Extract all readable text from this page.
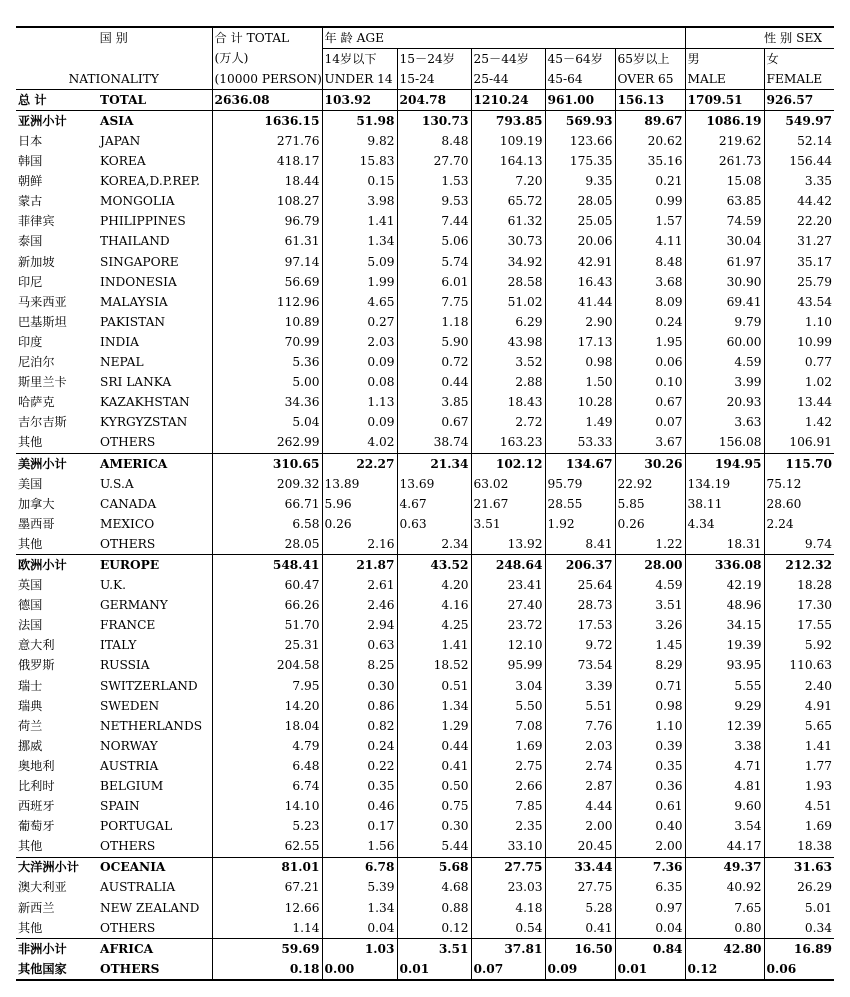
国 别		合 计 TOTAL	年 龄 AGE					性 别 SEX	
		(万人)	14岁以下	15－24岁	25－44岁	45－64岁	65岁以上	男	女
NATIONALITY		(10000 PERSON)	UNDER 14	15-24	25-44	45-64	OVER 65	MALE	FEMALE
总 计	TOTAL	2636.08	103.92	204.78	1210.24	961.00	156.13	1709.51	926.57
亚洲小计	ASIA	1636.15	51.98	130.73	793.85	569.93	89.67	1086.19	549.97
日本	JAPAN	271.76	9.82	8.48	109.19	123.66	20.62	219.62	52.14
韩国	KOREA	418.17	15.83	27.70	164.13	175.35	35.16	261.73	156.44
朝鲜	KOREA,D.P.REP.	18.44	0.15	1.53	7.20	9.35	0.21	15.08	3.35
蒙古	MONGOLIA	108.27	3.98	9.53	65.72	28.05	0.99	63.85	44.42
菲律宾	PHILIPPINES	96.79	1.41	7.44	61.32	25.05	1.57	74.59	22.20
泰国	THAILAND	61.31	1.34	5.06	30.73	20.06	4.11	30.04	31.27
新加坡	SINGAPORE	97.14	5.09	5.74	34.92	42.91	8.48	61.97	35.17
印尼	INDONESIA	56.69	1.99	6.01	28.58	16.43	3.68	30.90	25.79
马来西亚	MALAYSIA	112.96	4.65	7.75	51.02	41.44	8.09	69.41	43.54
巴基斯坦	PAKISTAN	10.89	0.27	1.18	6.29	2.90	0.24	9.79	1.10
印度	INDIA	70.99	2.03	5.90	43.98	17.13	1.95	60.00	10.99
尼泊尔	NEPAL	5.36	0.09	0.72	3.52	0.98	0.06	4.59	0.77
斯里兰卡	SRI LANKA	5.00	0.08	0.44	2.88	1.50	0.10	3.99	1.02
哈萨克	KAZAKHSTAN	34.36	1.13	3.85	18.43	10.28	0.67	20.93	13.44
吉尔吉斯	KYRGYZSTAN	5.04	0.09	0.67	2.72	1.49	0.07	3.63	1.42
其他	OTHERS	262.99	4.02	38.74	163.23	53.33	3.67	156.08	106.91
美洲小计	AMERICA	310.65	22.27	21.34	102.12	134.67	30.26	194.95	115.70
美国	U.S.A	209.32	13.89	13.69	63.02	95.79	22.92	134.19	75.12
加拿大	CANADA	66.71	5.96	4.67	21.67	28.55	5.85	38.11	28.60
墨西哥	MEXICO	6.58	0.26	0.63	3.51	1.92	0.26	4.34	2.24
其他	OTHERS	28.05	2.16	2.34	13.92	8.41	1.22	18.31	9.74
欧洲小计	EUROPE	548.41	21.87	43.52	248.64	206.37	28.00	336.08	212.32
英国	U.K.	60.47	2.61	4.20	23.41	25.64	4.59	42.19	18.28
德国	GERMANY	66.26	2.46	4.16	27.40	28.73	3.51	48.96	17.30
法国	FRANCE	51.70	2.94	4.25	23.72	17.53	3.26	34.15	17.55
意大利	ITALY	25.31	0.63	1.41	12.10	9.72	1.45	19.39	5.92
俄罗斯	RUSSIA	204.58	8.25	18.52	95.99	73.54	8.29	93.95	110.63
瑞士	SWITZERLAND	7.95	0.30	0.51	3.04	3.39	0.71	5.55	2.40
瑞典	SWEDEN	14.20	0.86	1.34	5.50	5.51	0.98	9.29	4.91
荷兰	NETHERLANDS	18.04	0.82	1.29	7.08	7.76	1.10	12.39	5.65
挪威	NORWAY	4.79	0.24	0.44	1.69	2.03	0.39	3.38	1.41
奥地利	AUSTRIA	6.48	0.22	0.41	2.75	2.74	0.35	4.71	1.77
比利时	BELGIUM	6.74	0.35	0.50	2.66	2.87	0.36	4.81	1.93
西班牙	SPAIN	14.10	0.46	0.75	7.85	4.44	0.61	9.60	4.51
葡萄牙	PORTUGAL	5.23	0.17	0.30	2.35	2.00	0.40	3.54	1.69
其他	OTHERS	62.55	1.56	5.44	33.10	20.45	2.00	44.17	18.38
大洋洲小计	OCEANIA	81.01	6.78	5.68	27.75	33.44	7.36	49.37	31.63
澳大利亚	AUSTRALIA	67.21	5.39	4.68	23.03	27.75	6.35	40.92	26.29
新西兰	NEW ZEALAND	12.66	1.34	0.88	4.18	5.28	0.97	7.65	5.01
其他	OTHERS	1.14	0.04	0.12	0.54	0.41	0.04	0.80	0.34
非洲小计	AFRICA	59.69	1.03	3.51	37.81	16.50	0.84	42.80	16.89
其他国家	OTHERS	0.18	0.00	0.01	0.07	0.09	0.01	0.12	0.06
